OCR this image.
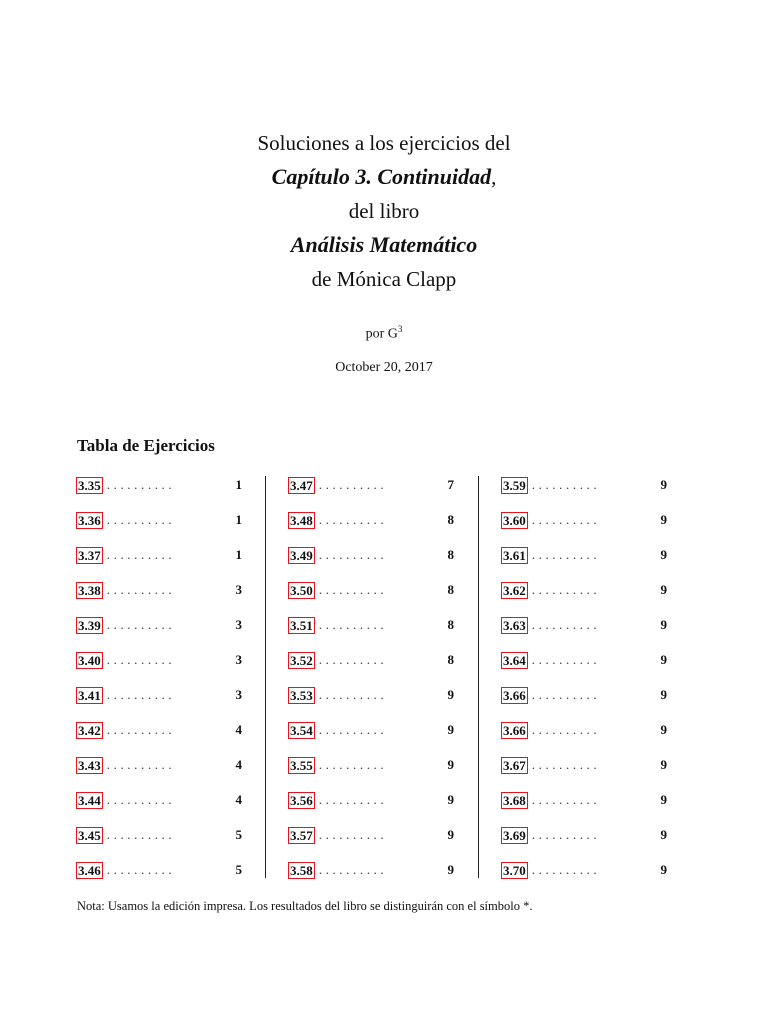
Soluciones a los ejercicios del
Capítulo 3. Continuidad,
del libro
Análisis Matemático
de Mónica Clapp
por $G^3$
October 20, 2017
Tabla de Ejercicios
3.35 ..........	1
3.36 ..........	1
3.37 ..........	1
3.38 ..........	3
3.39 ..........	3
3.40 ..........	3
3.41 ..........	3
3.42 ..........	4
3.43 ..........	4
3.44 ..........	4
3.45 ..........	5
3.46 ..........	5
3.47 ..........	7
3.48 ..........	8
3.49 ..........	8
3.50 ..........	8
3.51 ..........	8
3.52 ..........	8
3.53 ..........	9
3.54 ..........	9
3.55 ..........	9
3.56 ..........	9
3.57 ..........	9
3.58 ..........	9
3.59 ..........	9
3.60 ..........	9
3.61 ..........	9
3.62 ..........	9
3.63 ..........	9
3.64 ..........	9
3.66 ..........	9
3.66 ..........	9
3.67 ..........	9
3.68 ..........	9
3.69 ..........	9
3.70 ..........	9
Nota: Usamos la edición impresa. Los resultados del libro se distinguirán con el símbolo *.
